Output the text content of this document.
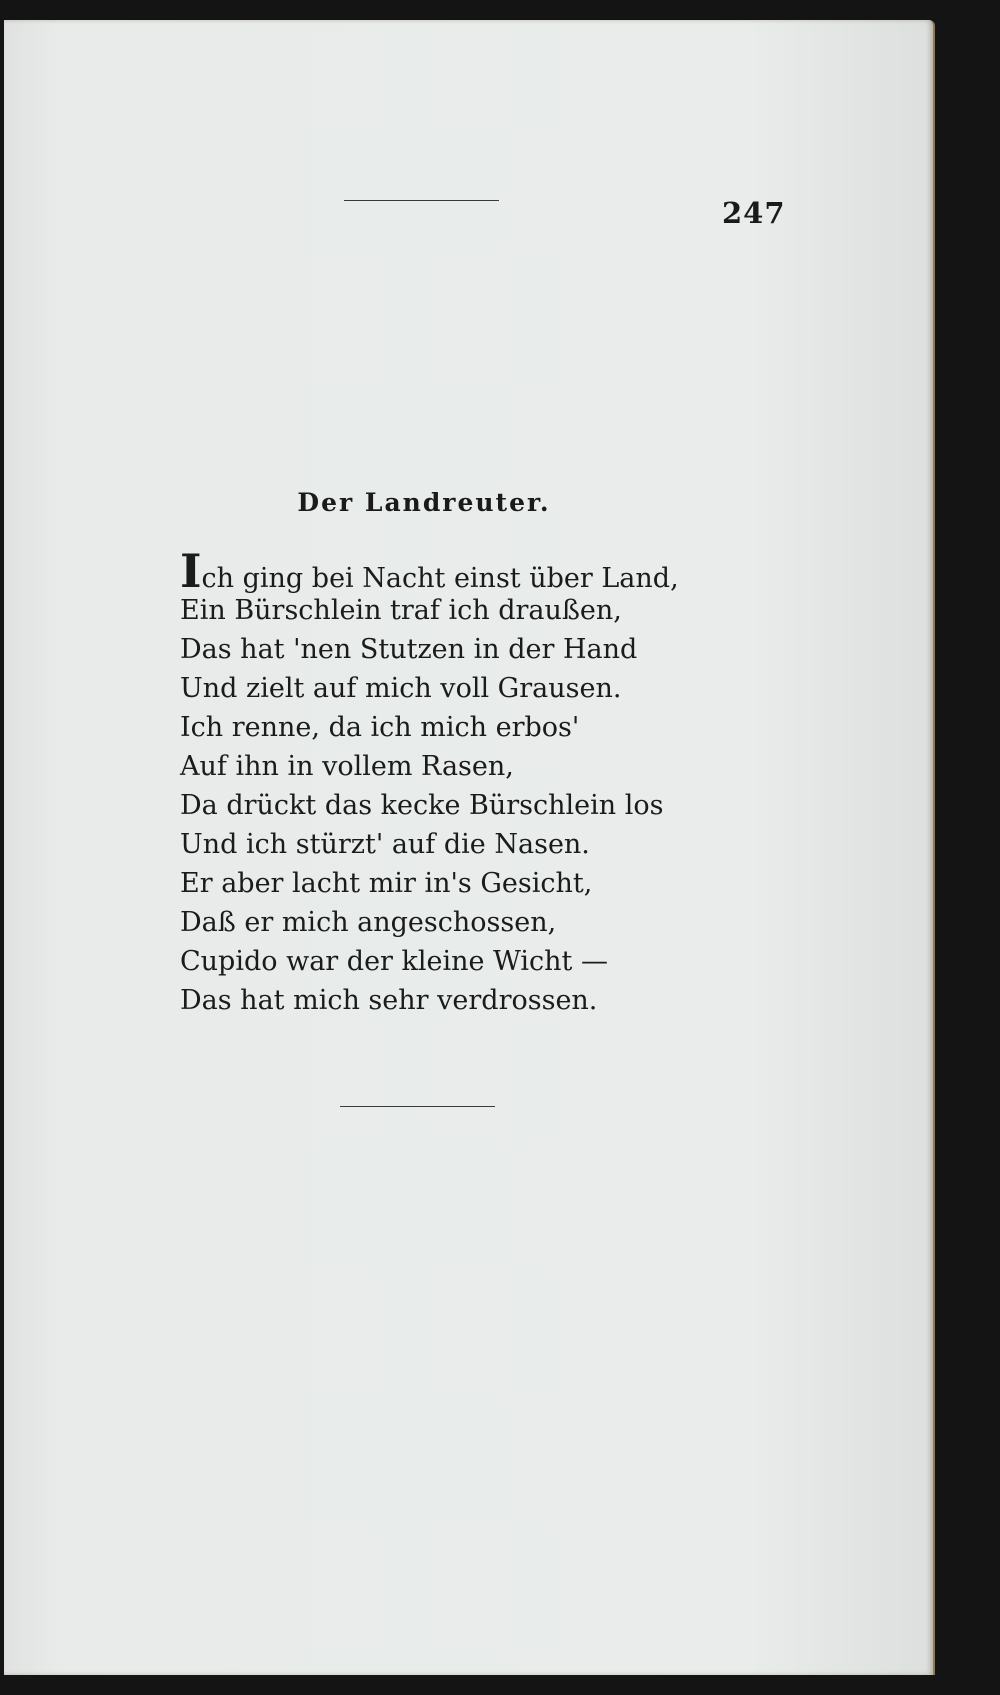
247
Der Landreuter.
Ich ging bei Nacht einst über Land,
Ein Bürschlein traf ich draußen,
Das hat 'nen Stutzen in der Hand
Und zielt auf mich voll Grausen.
Ich renne, da ich mich erbos'
Auf ihn in vollem Rasen,
Da drückt das kecke Bürschlein los
Und ich stürzt' auf die Nasen.
Er aber lacht mir in's Gesicht,
Daß er mich angeschossen,
Cupido war der kleine Wicht —
Das hat mich sehr verdrossen.
